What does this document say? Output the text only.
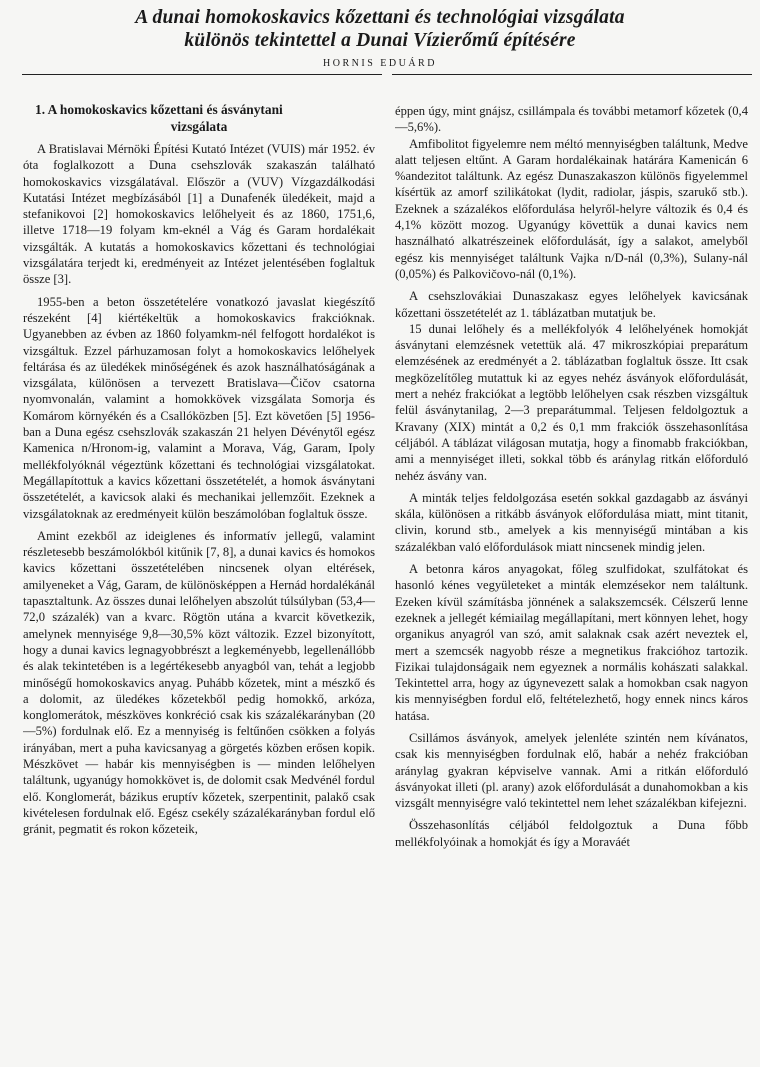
A dunai homokoskavics kőzettani és technológiai vizsgálata
különös tekintettel a Dunai Vízierőmű építésére
HORNIS EDUÁRD
1. A homokoskavics kőzettani és ásványtani
vizsgálata

A Bratislavai Mérnöki Építési Kutató Intézet (VUIS) már 1952. év óta foglalkozott a Duna csehszlovák szakaszán található homokoskavics vizsgálatával. Először a (VUV) Vízgazdálkodási Kutatási Intézet megbízásából [1] a Dunafenék üledékeit, majd a stefanikovoi [2] homokoskavics lelőhelyeit és az 1860, 1751,6, illetve 1718—19 folyam km-eknél a Vág és Garam hordalékait vizsgálták. A kutatás a homokoskavics kőzettani és technológiai vizsgálatára terjedt ki, eredményeit az Intézet jelentésében foglaltuk össze [3].

1955-ben a beton összetételére vonatkozó javaslat kiegészítő részeként [4] kiértékeltük a homokoskavics frakcióknak. Ugyanebben az évben az 1860 folyamkm-nél felfogott hordalékot is vizsgáltuk. Ezzel párhuzamosan folyt a homokoskavics lelőhelyek feltárása és az üledékek minőségének és azok használhatóságának a vizsgálata, különösen a tervezett Bratislava—Čičov csatorna nyomvonalán, valamint a homokkövek vizsgálata Somorja és Komárom környékén és a Csallóközben [5]. Ezt követően [5] 1956-ban a Duna egész csehszlovák szakaszán 21 helyen Dévénytől egész Kamenica n/Hronom-ig, valamint a Morava, Vág, Garam, Ipoly mellékfolyóknál végeztünk kőzettani és technológiai vizsgálatokat. Megállapítottuk a kavics kőzettani összetételét, a homok ásványtani összetételét, a kavicsok alaki és mechanikai jellemzőit. Ezeknek a vizsgálatoknak az eredményeit külön beszámolóban foglaltuk össze.

Amint ezekből az ideiglenes és informatív jellegű, valamint részletesebb beszámolókból kitűnik [7, 8], a dunai kavics és homokos kavics kőzettani összetételében nincsenek olyan eltérések, amilyeneket a Vág, Garam, de különösképpen a Hernád hordalékánál tapasztaltunk. Az összes dunai lelőhelyen abszolút túlsúlyban (53,4—72,0 százalék) van a kvarc. Rögtön utána a kvarcit következik, amelynek mennyisége 9,8—30,5% közt változik. Ezzel bizonyított, hogy a dunai kavics legnagyobbrészt a legkeményebb, legellenállóbb és alak tekintetében is a legértékesebb anyagból van, tehát a legjobb minőségű homokoskavics anyag. Puhább kőzetek, mint a mészkő és a dolomit, az üledékes kőzetekből pedig homokkő, arkóza, konglomerátok, mészköves konkréció csak kis százalékarányban (20—5%) fordulnak elő. Ez a mennyiség is feltűnően csökken a folyás irányában, mert a puha kavicsanyag a görgetés közben erősen kopik. Mészkövet — habár kis mennyiségben is — minden lelőhelyen találtunk, ugyanúgy homokkövet is, de dolomit csak Medvénél fordul elő. Konglomerát, bázikus eruptív kőzetek, szerpentinit, palakő csak kivételesen fordulnak elő. Egész csekély százalékarányban fordul elő gránit, pegmatit és rokon kőzeteik,

éppen úgy, mint gnájsz, csillámpala és további metamorf kőzetek (0,4—5,6%).

Amfibolitot figyelemre nem méltó mennyiségben találtunk, Medve alatt teljesen eltűnt. A Garam hordalékainak határára Kamenicán 6 %andezitot találtunk. Az egész Dunaszakaszon különös figyelemmel kísértük az amorf szilikátokat (lydit, radiolar, jáspis, szarukő stb.). Ezeknek a százalékos előfordulása helyről-helyre változik és 0,4 és 4,1% között mozog. Ugyanúgy követtük a dunai kavics nem használható alkatrészeinek előfordulását, így a salakot, amelyből egész kis mennyiséget találtunk Vajka n/D-nál (0,3%), Sulany-nál (0,05%) és Palkovičovo-nál (0,1%).

A csehszlovákiai Dunaszakasz egyes lelőhelyek kavicsának kőzettani összetételét az 1. táblázatban mutatjuk be.

15 dunai lelőhely és a mellékfolyók 4 lelőhelyének homokját ásványtani elemzésnek vetettük alá. 47 mikroszkópiai preparátum elemzésének az eredményét a 2. táblázatban foglaltuk össze. Itt csak megközelítőleg mutattuk ki az egyes nehéz ásványok előfordulását, mert a nehéz frakciókat a legtöbb lelőhelyen csak részben vizsgáltuk felül ásványtanilag, 2—3 preparátummal. Teljesen feldolgoztuk a Kravany (XIX) mintát a 0,2 és 0,1 mm frakciók összehasonlítása céljából. A táblázat világosan mutatja, hogy a finomabb frakciókban, ami a mennyiséget illeti, sokkal több és aránylag ritkán előforduló nehéz ásvány van.

A minták teljes feldolgozása esetén sokkal gazdagabb az ásványi skála, különösen a ritkább ásványok előfordulása miatt, mint titanit, clivin, korund stb., amelyek a kis mennyiségű mintában a kis százalékban való előfordulások miatt nincsenek mindig jelen.

A betonra káros anyagokat, főleg szulfidokat, szulfátokat és hasonló kénes vegyületeket a minták elemzésekor nem találtunk. Ezeken kívül számításba jönnének a salakszemcsék. Célszerű lenne ezeknek a jellegét kémiailag megállapítani, mert könnyen lehet, hogy organikus anyagról van szó, amit salaknak csak azért neveztek el, mert a szemcsék nagyobb része a megnetikus frakcióhoz tartozik. Fizikai tulajdonságaik nem egyeznek a normális kohászati salakkal. Tekintettel arra, hogy az úgynevezett salak a homokban csak nagyon kis mennyiségben fordul elő, feltételezhető, hogy ennek nincs káros hatása.

Csillámos ásványok, amelyek jelenléte szintén nem kívánatos, csak kis mennyiségben fordulnak elő, habár a nehéz frakcióban aránylag gyakran képviselve vannak. Ami a ritkán előforduló ásványokat illeti (pl. arany) azok előfordulását a dunahomokban a kis vizsgált mennyiségre való tekintettel nem lehet százalékban kifejezni.

Összehasonlítás céljából feldolgoztuk a Duna főbb mellékfolyóinak a homokját és így a Moraváét
